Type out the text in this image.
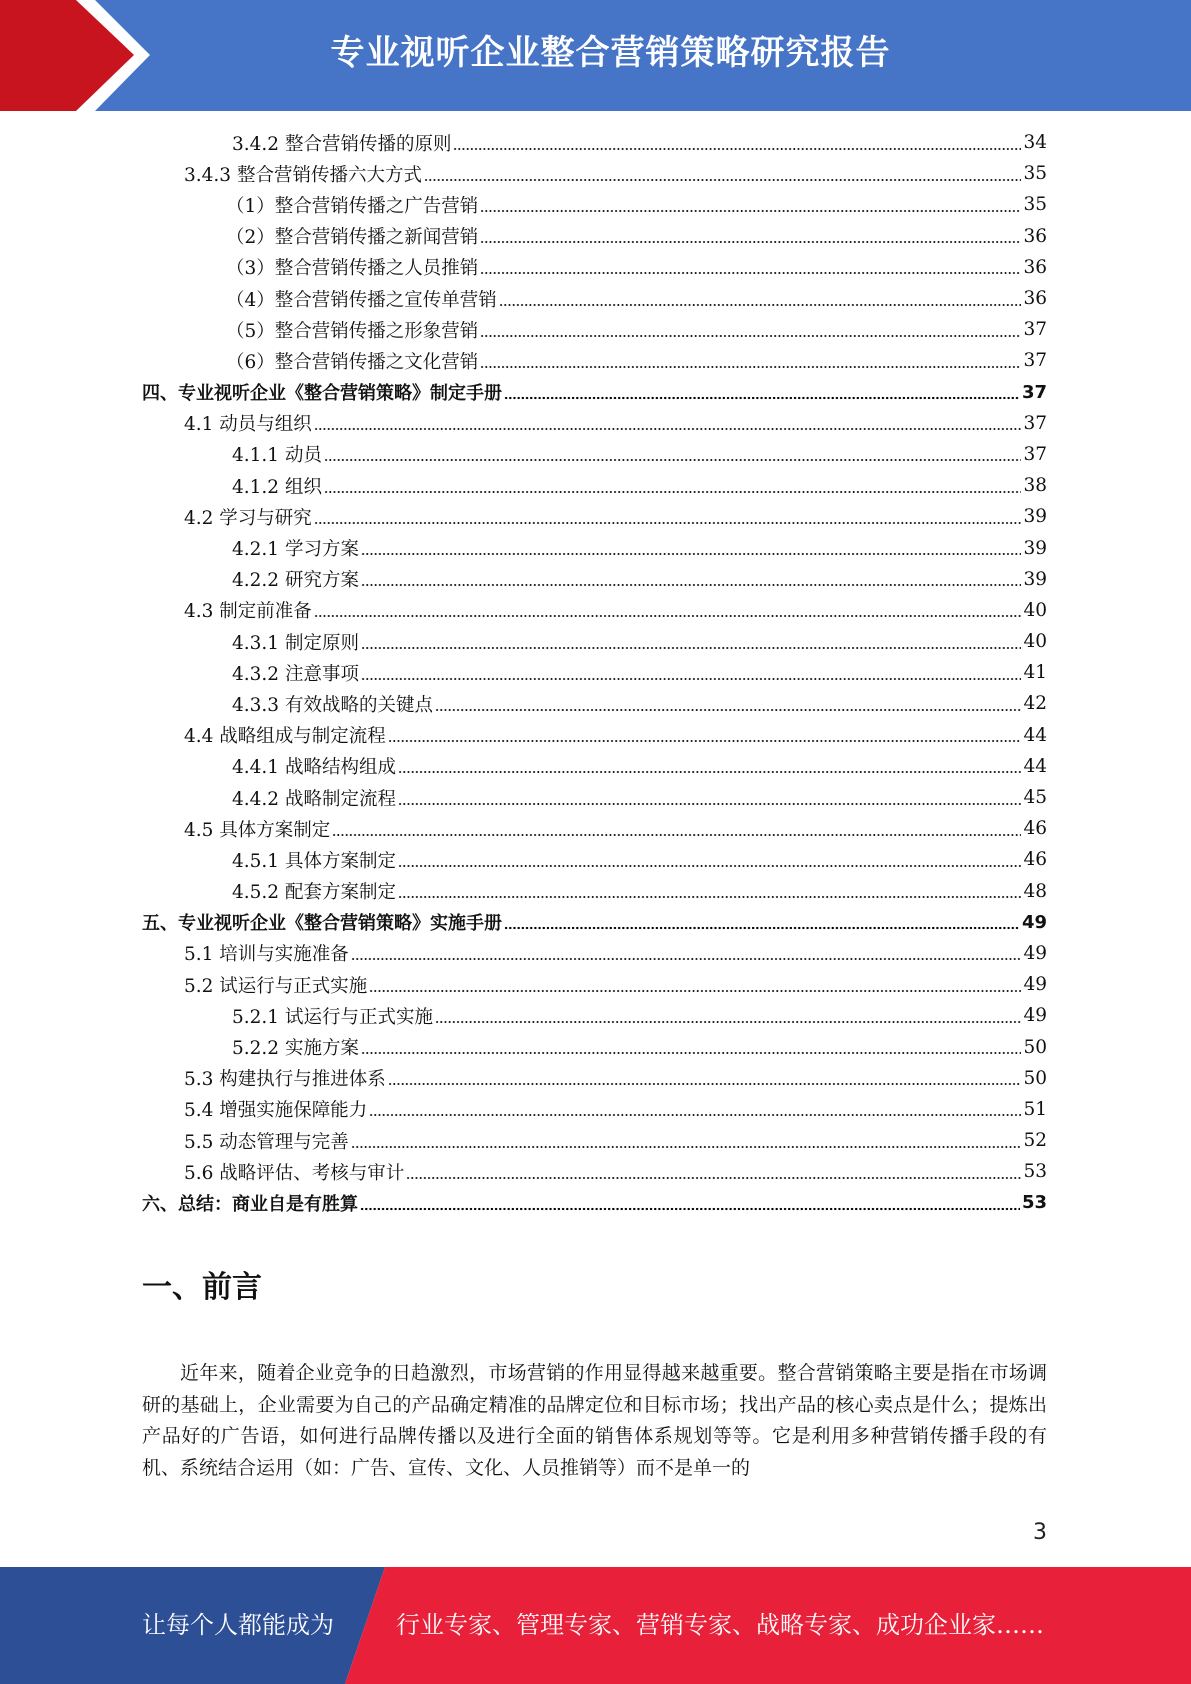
专业视听企业整合营销策略研究报告
3.4.2 整合营销传播的原则	34
3.4.3 整合营销传播六大方式	35
（1）整合营销传播之广告营销	35
（2）整合营销传播之新闻营销	36
（3）整合营销传播之人员推销	36
（4）整合营销传播之宣传单营销	36
（5）整合营销传播之形象营销	37
（6）整合营销传播之文化营销	37
四、专业视听企业《整合营销策略》制定手册	37
4.1 动员与组织	37
4.1.1 动员	37
4.1.2 组织	38
4.2 学习与研究	39
4.2.1 学习方案	39
4.2.2 研究方案	39
4.3 制定前准备	40
4.3.1 制定原则	40
4.3.2 注意事项	41
4.3.3 有效战略的关键点	42
4.4 战略组成与制定流程	44
4.4.1 战略结构组成	44
4.4.2 战略制定流程	45
4.5 具体方案制定	46
4.5.1 具体方案制定	46
4.5.2 配套方案制定	48
五、专业视听企业《整合营销策略》实施手册	49
5.1 培训与实施准备	49
5.2 试运行与正式实施	49
5.2.1 试运行与正式实施	49
5.2.2 实施方案	50
5.3 构建执行与推进体系	50
5.4 增强实施保障能力	51
5.5 动态管理与完善	52
5.6 战略评估、考核与审计	53
六、总结：商业自是有胜算	53
一、前言

近年来，随着企业竞争的日趋激烈，市场营销的作用显得越来越重要。整合营销策略主要是指在市场调研的基础上，企业需要为自己的产品确定精准的品牌定位和目标市场；找出产品的核心卖点是什么；提炼出产品好的广告语，如何进行品牌传播以及进行全面的销售体系规划等等。它是利用多种营销传播手段的有机、系统结合运用（如：广告、宣传、文化、人员推销等）而不是单一的

3
让每个人都能成为	行业专家、管理专家、营销专家、战略专家、成功企业家……
